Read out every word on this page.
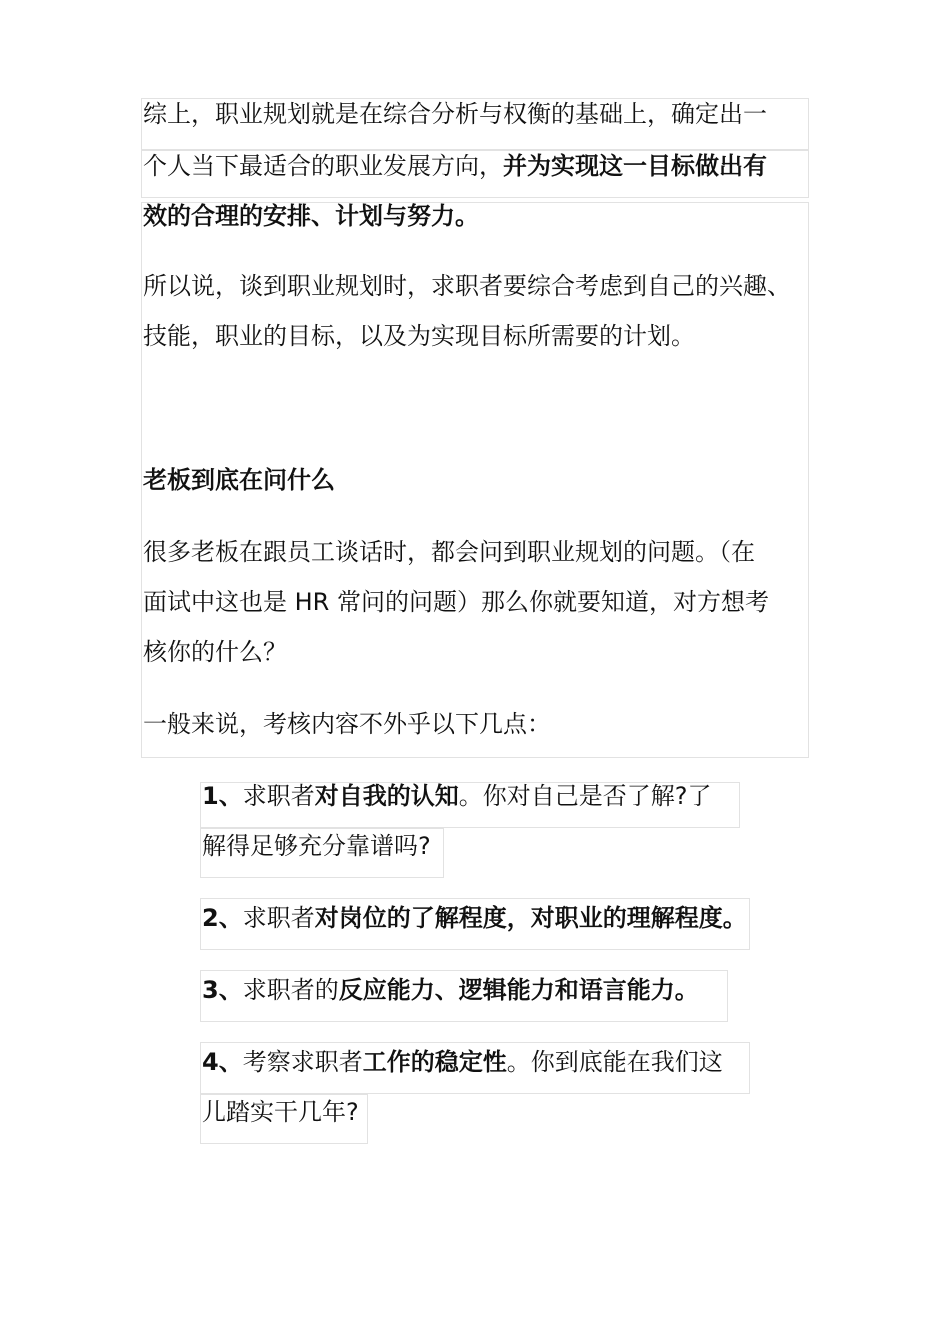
综上，职业规划就是在综合分析与权衡的基础上，确定出一
个人当下最适合的职业发展方向，并为实现这一目标做出有
效的合理的安排、计划与努力。
所以说，谈到职业规划时，求职者要综合考虑到自己的兴趣、
技能，职业的目标，以及为实现目标所需要的计划。
老板到底在问什么
很多老板在跟员工谈话时，都会问到职业规划的问题。（在
面试中这也是 HR 常问的问题）那么你就要知道，对方想考
核你的什么？
一般来说，考核内容不外乎以下几点：
1、求职者对自我的认知。你对自己是否了解?了
解得足够充分靠谱吗?
2、求职者对岗位的了解程度，对职业的理解程度。
3、求职者的反应能力、逻辑能力和语言能力。
4、考察求职者工作的稳定性。你到底能在我们这
儿踏实干几年?
